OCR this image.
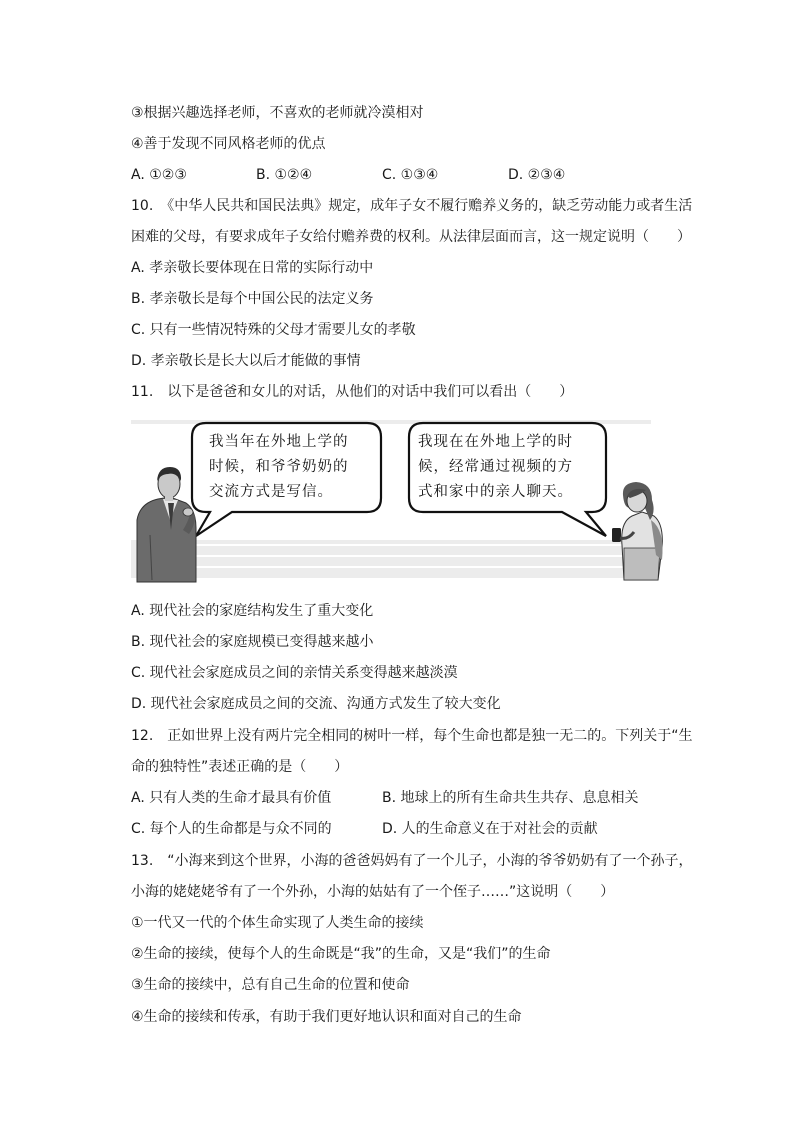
③根据兴趣选择老师，不喜欢的老师就冷漠相对
④善于发现不同风格老师的优点
A. ①②③	B. ①②④	C. ①③④	D. ②③④
10.　《中华人民共和国民法典》规定，成年子女不履行赡养义务的，缺乏劳动能力或者生活
困难的父母，有要求成年子女给付赡养费的权利。从法律层面而言，这一规定说明（　　）
A. 孝亲敬长要体现在日常的实际行动中
B. 孝亲敬长是每个中国公民的法定义务
C. 只有一些情况特殊的父母才需要儿女的孝敬
D. 孝亲敬长是长大以后才能做的事情
11.　以下是爸爸和女儿的对话，从他们的对话中我们可以看出（　　）
我当年在外地上学的
时候，和爷爷奶奶的
交流方式是写信。
我现在在外地上学的时
候，经常通过视频的方
式和家中的亲人聊天。
A. 现代社会的家庭结构发生了重大变化
B. 现代社会的家庭规模已变得越来越小
C. 现代社会家庭成员之间的亲情关系变得越来越淡漠
D. 现代社会家庭成员之间的交流、沟通方式发生了较大变化
12.　正如世界上没有两片完全相同的树叶一样，每个生命也都是独一无二的。下列关于“生
命的独特性”表述正确的是（　　）
A. 只有人类的生命才最具有价值	B. 地球上的所有生命共生共存、息息相关
C. 每个人的生命都是与众不同的	D. 人的生命意义在于对社会的贡献
13.　“小海来到这个世界，小海的爸爸妈妈有了一个儿子，小海的爷爷奶奶有了一个孙子，
小海的姥姥姥爷有了一个外孙，小海的姑姑有了一个侄子……”这说明（　　）
①一代又一代的个体生命实现了人类生命的接续
②生命的接续，使每个人的生命既是“我”的生命，又是“我们”的生命
③生命的接续中，总有自己生命的位置和使命
④生命的接续和传承，有助于我们更好地认识和面对自己的生命
